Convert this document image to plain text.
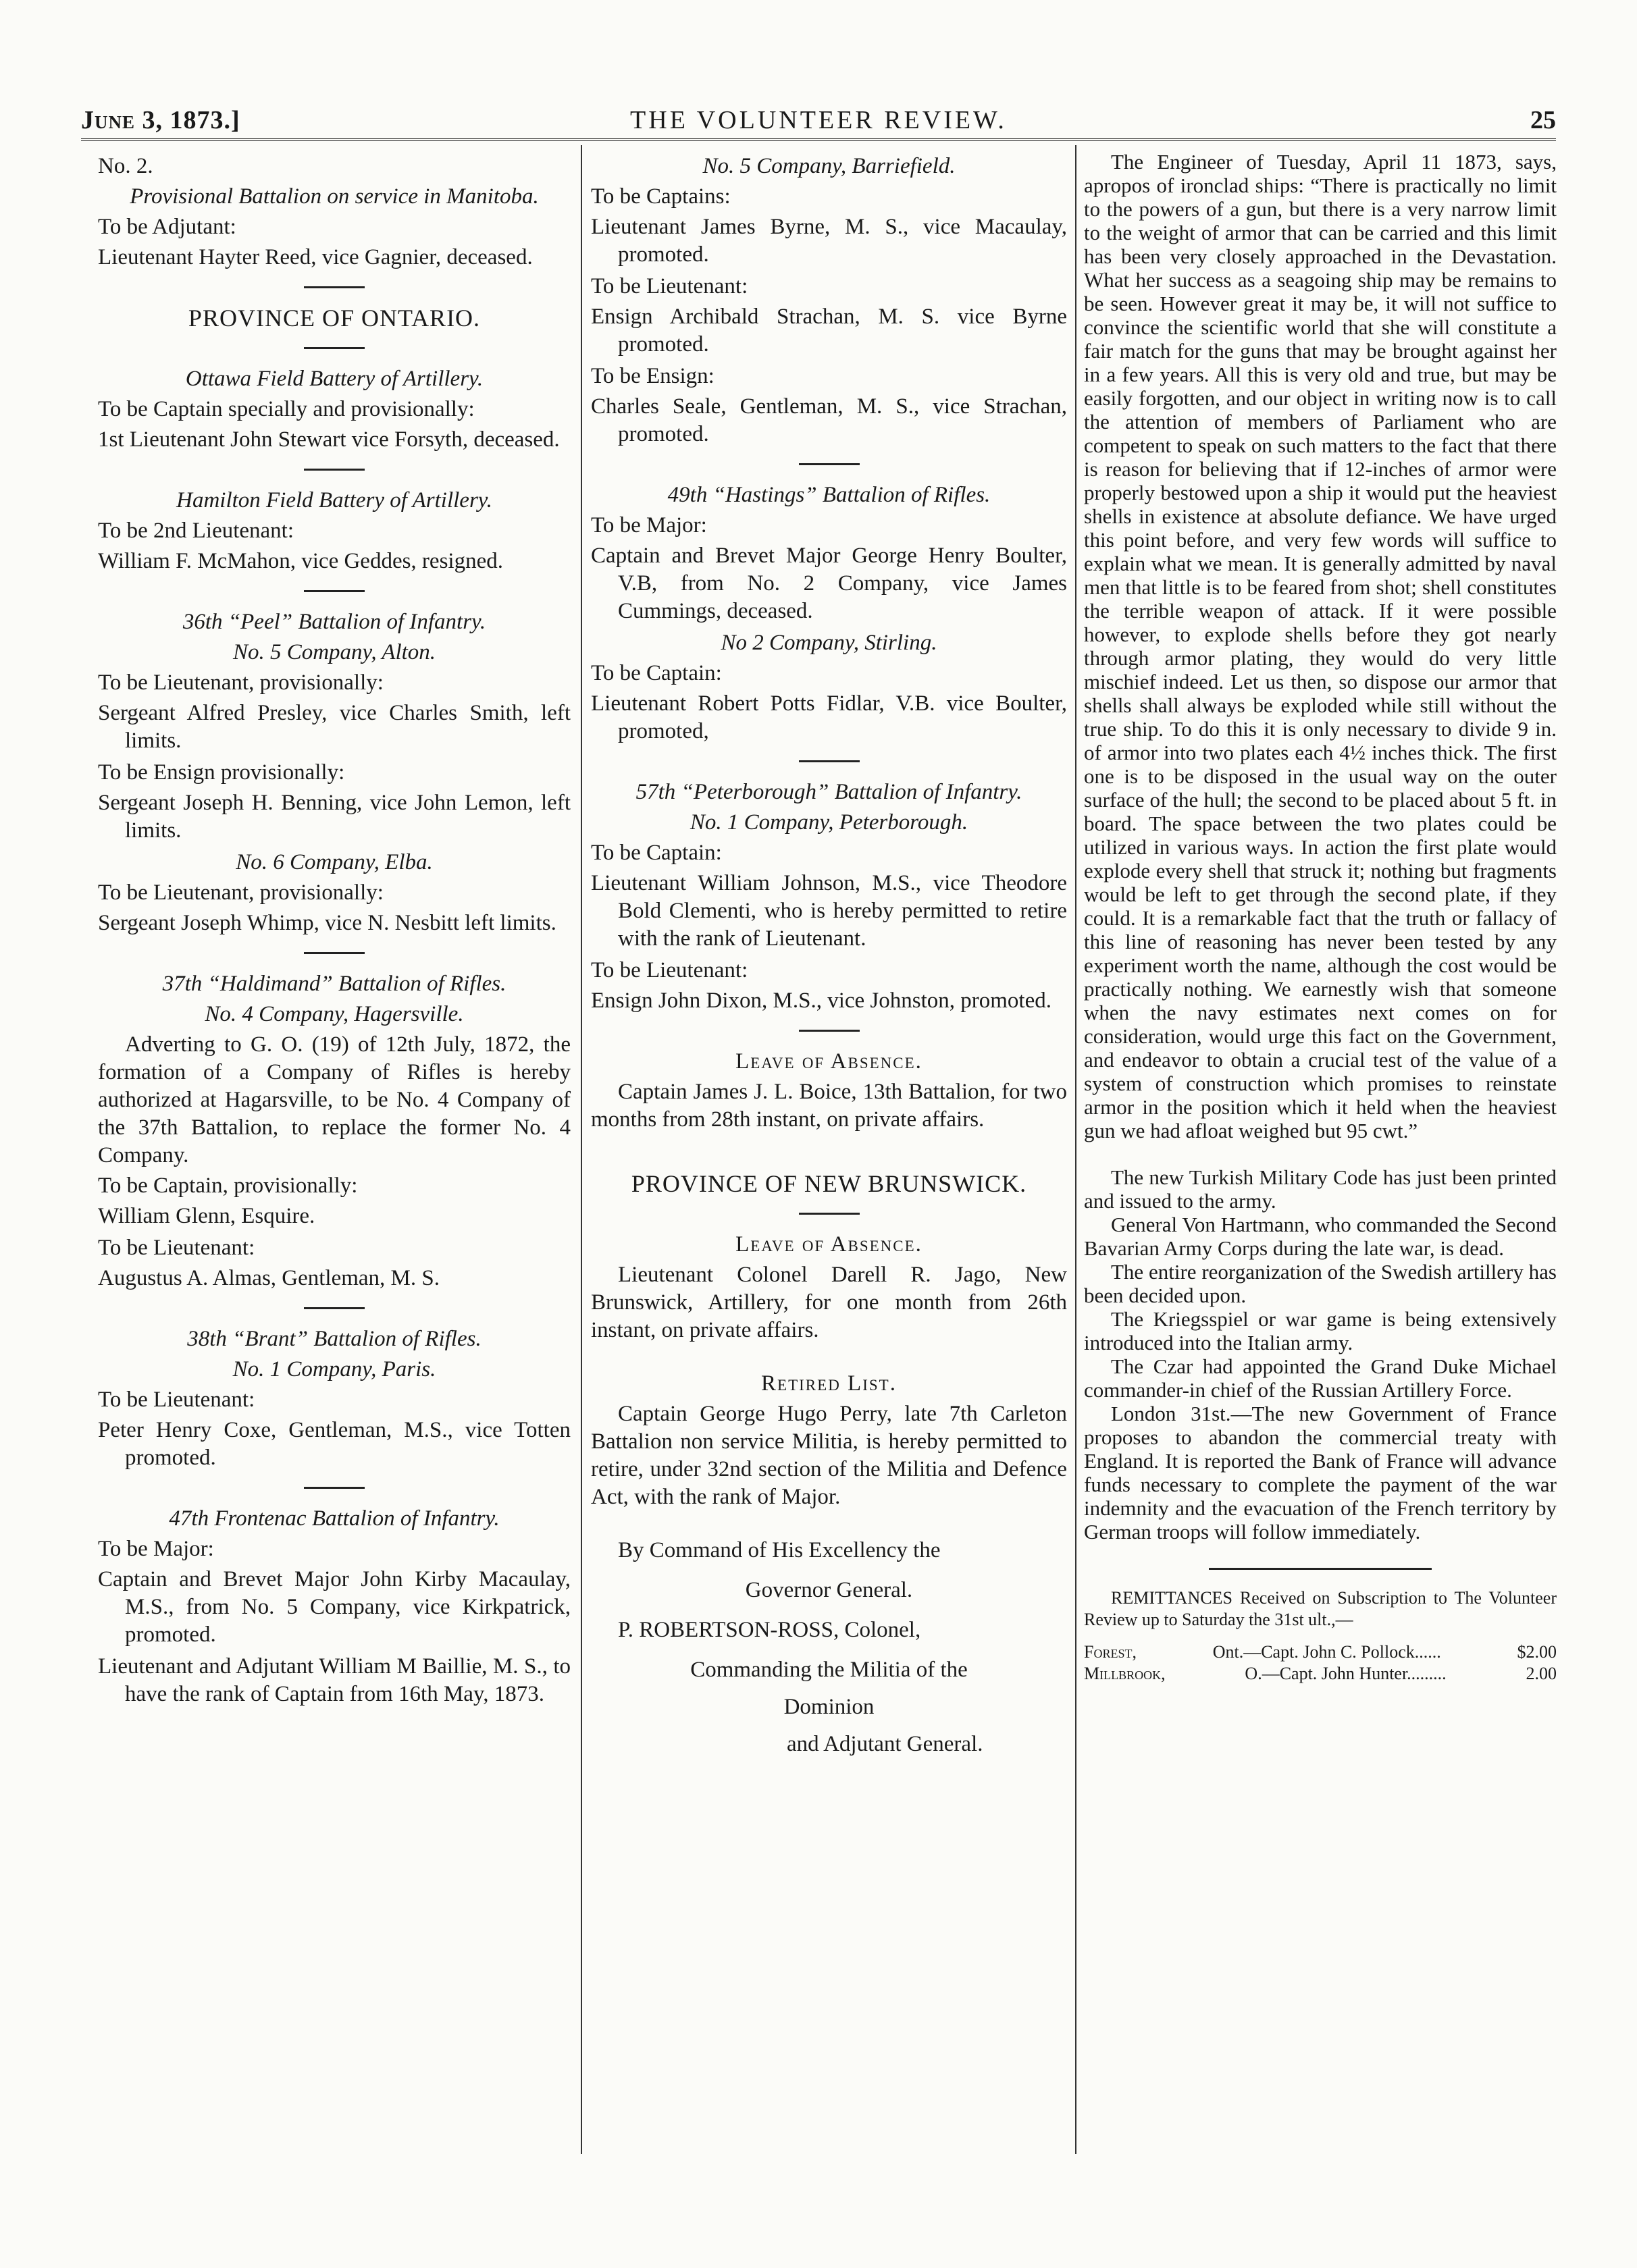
June 3, 1873.]	THE VOLUNTEER REVIEW.	25

No. 2.

Provisional Battalion on service in Manitoba.

To be Adjutant:

Lieutenant Hayter Reed, vice Gagnier, deceased.

PROVINCE OF ONTARIO.

Ottawa Field Battery of Artillery.

To be Captain specially and provisionally:

1st Lieutenant John Stewart vice Forsyth, deceased.

Hamilton Field Battery of Artillery.

To be 2nd Lieutenant:

William F. McMahon, vice Geddes, resigned.

36th “Peel” Battalion of Infantry.

No. 5 Company, Alton.

To be Lieutenant, provisionally:

Sergeant Alfred Presley, vice Charles Smith, left limits.

To be Ensign provisionally:

Sergeant Joseph H. Benning, vice John Lemon, left limits.

No. 6 Company, Elba.

To be Lieutenant, provisionally:

Sergeant Joseph Whimp, vice N. Nesbitt left limits.

37th “Haldimand” Battalion of Rifles.

No. 4 Company, Hagersville.

Adverting to G. O. (19) of 12th July, 1872, the formation of a Company of Rifles is hereby authorized at Hagarsville, to be No. 4 Company of the 37th Battalion, to replace the former No. 4 Company.

To be Captain, provisionally:

William Glenn, Esquire.

To be Lieutenant:

Augustus A. Almas, Gentleman, M. S.

38th “Brant” Battalion of Rifles.

No. 1 Company, Paris.

To be Lieutenant:

Peter Henry Coxe, Gentleman, M.S., vice Totten promoted.

47th Frontenac Battalion of Infantry.

To be Major:

Captain and Brevet Major John Kirby Macaulay, M.S., from No. 5 Company, vice Kirkpatrick, promoted.

Lieutenant and Adjutant William M Baillie, M. S., to have the rank of Captain from 16th May, 1873.

No. 5 Company, Barriefield.

To be Captains:

Lieutenant James Byrne, M. S., vice Macaulay, promoted.

To be Lieutenant:

Ensign Archibald Strachan, M. S. vice Byrne promoted.

To be Ensign:

Charles Seale, Gentleman, M. S., vice Strachan, promoted.

49th “Hastings” Battalion of Rifles.

To be Major:

Captain and Brevet Major George Henry Boulter, V.B, from No. 2 Company, vice James Cummings, deceased.

No 2 Company, Stirling.

To be Captain:

Lieutenant Robert Potts Fidlar, V.B. vice Boulter, promoted,

57th “Peterborough” Battalion of Infantry.

No. 1 Company, Peterborough.

To be Captain:

Lieutenant William Johnson, M.S., vice Theodore Bold Clementi, who is hereby permitted to retire with the rank of Lieutenant.

To be Lieutenant:

Ensign John Dixon, M.S., vice Johnston, promoted.

Leave of Absence.

Captain James J. L. Boice, 13th Battalion, for two months from 28th instant, on private affairs.

PROVINCE OF NEW BRUNSWICK.

Leave of Absence.

Lieutenant Colonel Darell R. Jago, New Brunswick, Artillery, for one month from 26th instant, on private affairs.

Retired List.

Captain George Hugo Perry, late 7th Carleton Battalion non service Militia, is hereby permitted to retire, under 32nd section of the Militia and Defence Act, with the rank of Major.

By Command of His Excellency the

Governor General.

P. ROBERTSON-ROSS, Colonel,

Commanding the Militia of the

Dominion

and Adjutant General.

The Engineer of Tuesday, April 11 1873, says, apropos of ironclad ships: “There is practically no limit to the powers of a gun, but there is a very narrow limit to the weight of armor that can be carried and this limit has been very closely approached in the Devastation. What her success as a seagoing ship may be remains to be seen. However great it may be, it will not suffice to convince the scientific world that she will constitute a fair match for the guns that may be brought against her in a few years. All this is very old and true, but may be easily forgotten, and our object in writing now is to call the attention of members of Parliament who are competent to speak on such matters to the fact that there is reason for believing that if 12-inches of armor were properly bestowed upon a ship it would put the heaviest shells in existence at absolute defiance. We have urged this point before, and very few words will suffice to explain what we mean. It is generally admitted by naval men that little is to be feared from shot; shell constitutes the terrible weapon of attack. If it were possible however, to explode shells before they got nearly through armor plating, they would do very little mischief indeed. Let us then, so dispose our armor that shells shall always be exploded while still without the true ship. To do this it is only necessary to divide 9 in. of armor into two plates each 4½ inches thick. The first one is to be disposed in the usual way on the outer surface of the hull; the second to be placed about 5 ft. in board. The space between the two plates could be utilized in various ways. In action the first plate would explode every shell that struck it; nothing but fragments would be left to get through the second plate, if they could. It is a remarkable fact that the truth or fallacy of this line of reasoning has never been tested by any experiment worth the name, although the cost would be practically nothing. We earnestly wish that someone when the navy estimates next comes on for consideration, would urge this fact on the Government, and endeavor to obtain a crucial test of the value of a system of construction which promises to reinstate armor in the position which it held when the heaviest gun we had afloat weighed but 95 cwt.”

The new Turkish Military Code has just been printed and issued to the army.

General Von Hartmann, who commanded the Second Bavarian Army Corps during the late war, is dead.

The entire reorganization of the Swedish artillery has been decided upon.

The Kriegsspiel or war game is being extensively introduced into the Italian army.

The Czar had appointed the Grand Duke Michael commander-in chief of the Russian Artillery Force.

London 31st.—The new Government of France proposes to abandon the commercial treaty with England. It is reported the Bank of France will advance funds necessary to complete the payment of the war indemnity and the evacuation of the French territory by German troops will follow immediately.

REMITTANCES Received on Subscription to The Volunteer Review up to Saturday the 31st ult.,—

Forest,	Ont.—Capt. John C. Pollock......	$2.00
Millbrook,	O.—Capt. John Hunter.........	2.00
